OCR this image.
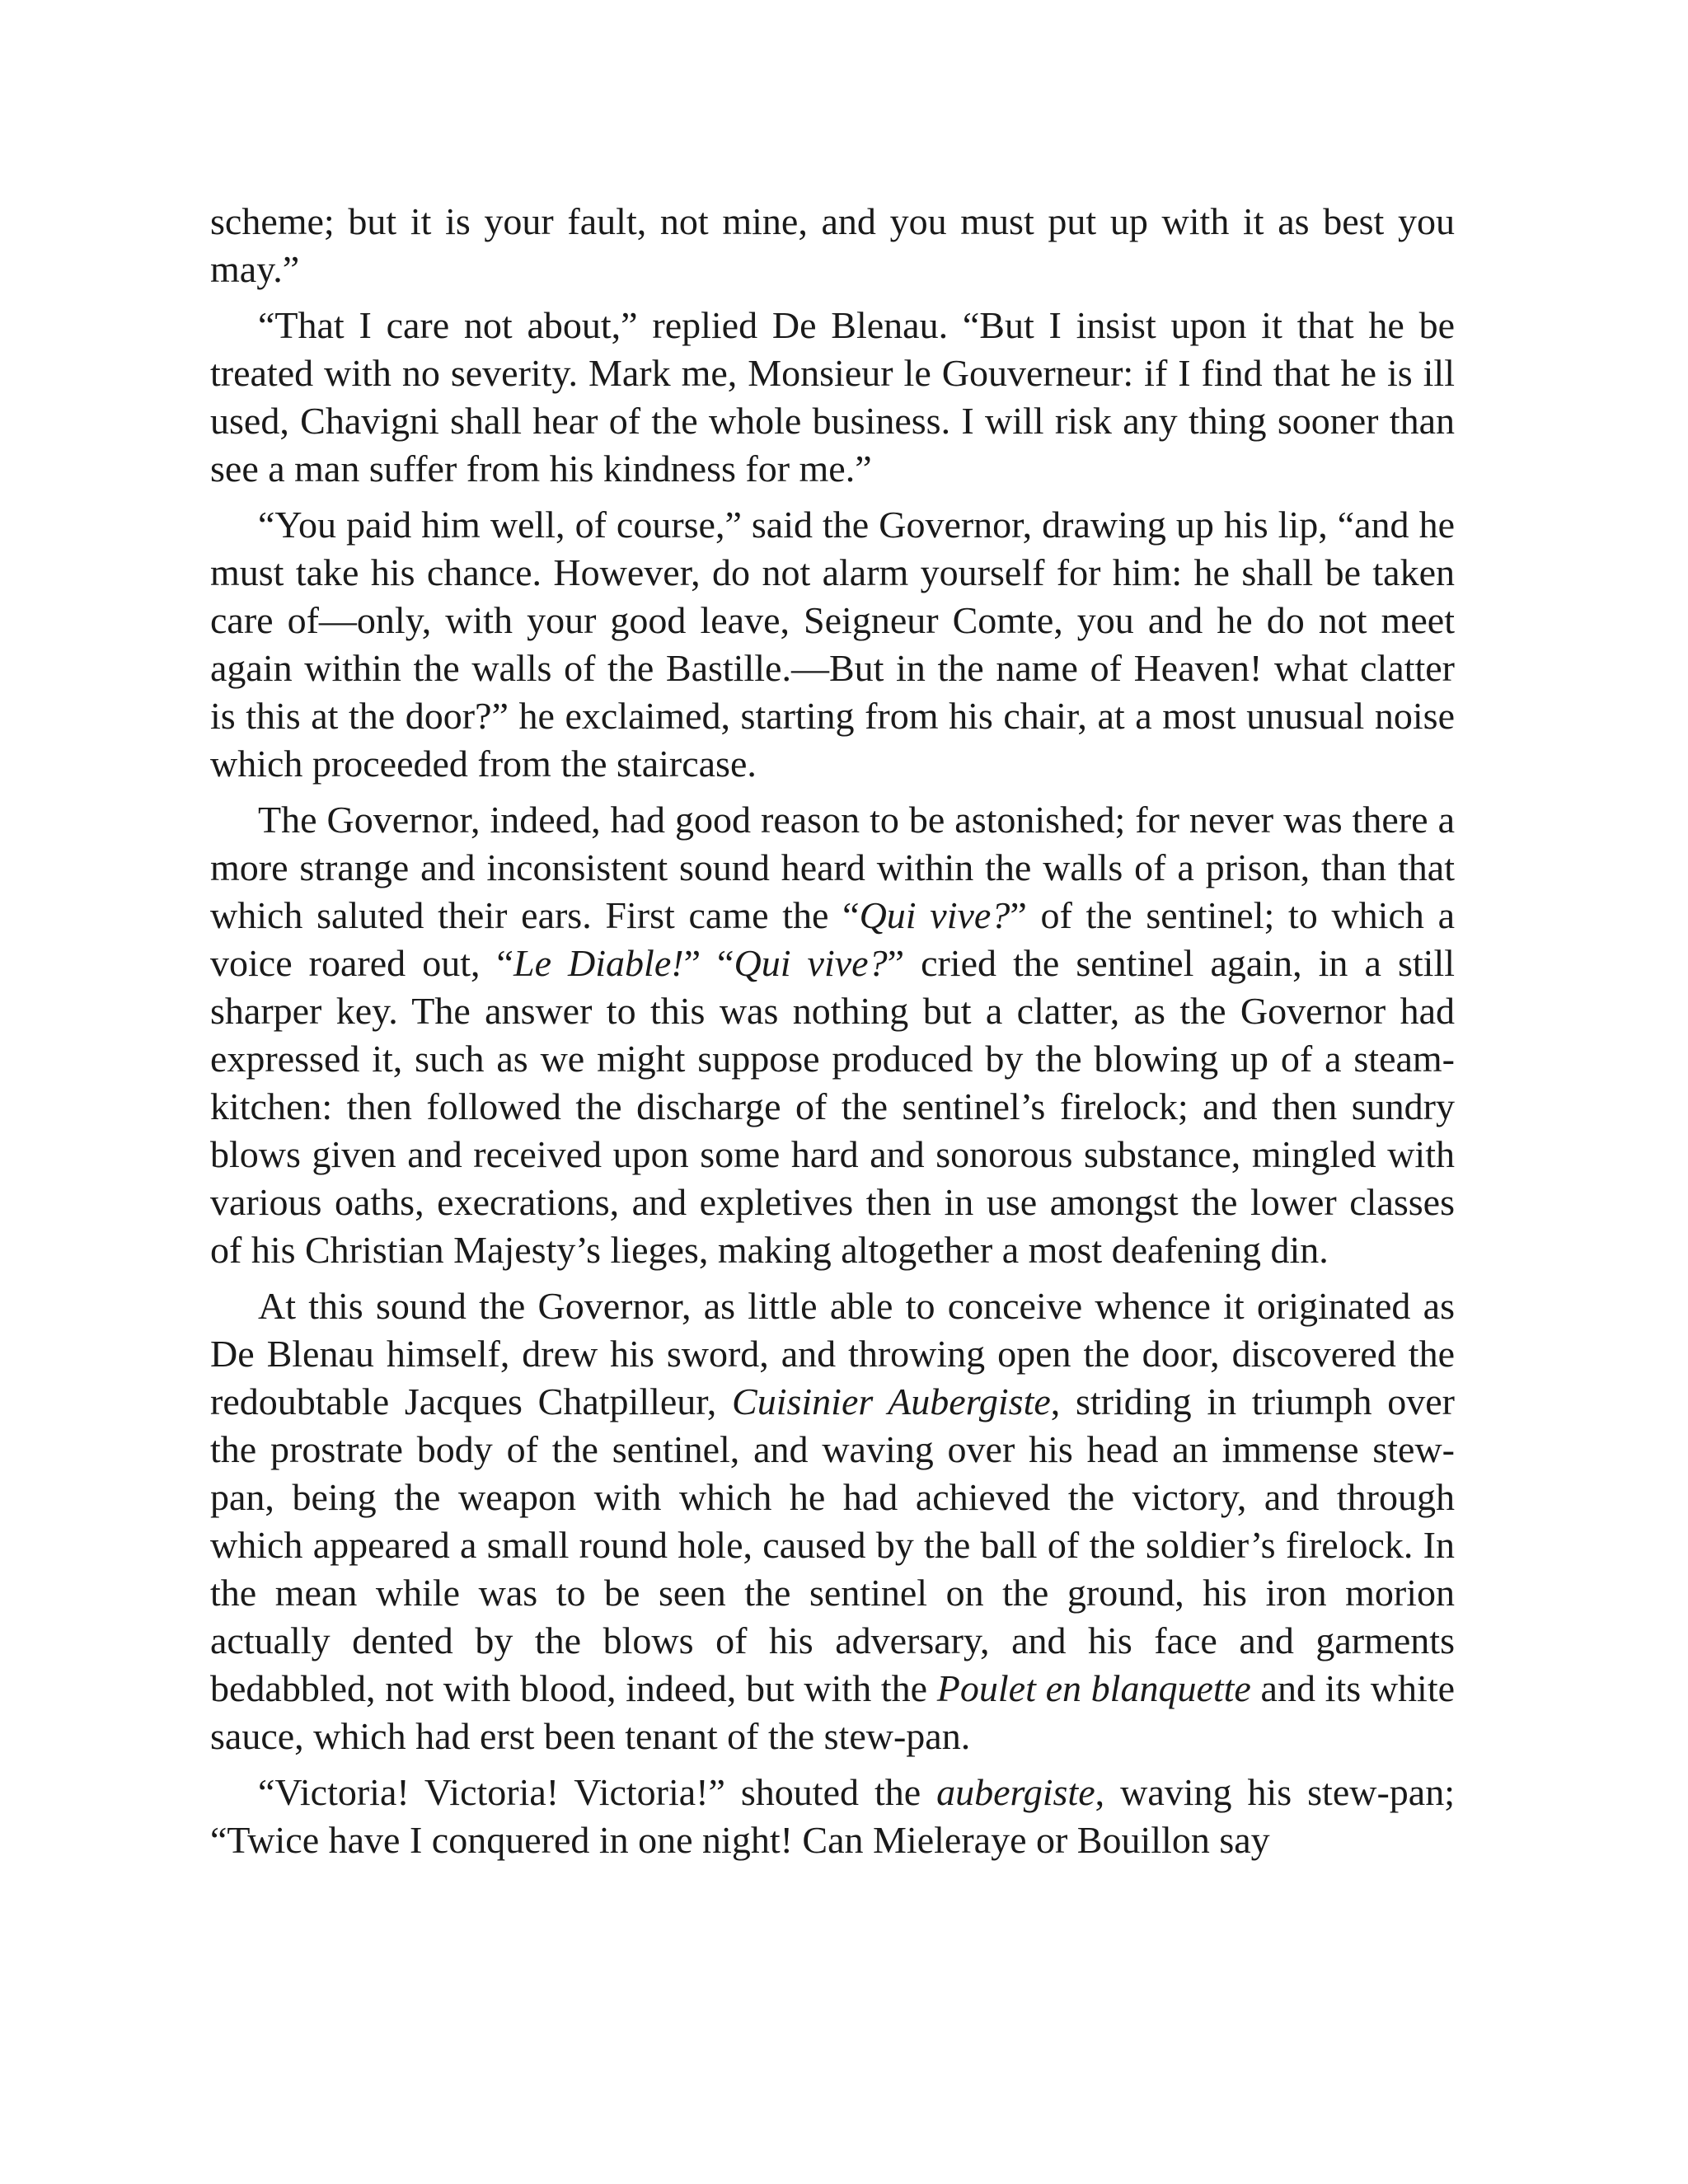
scheme; but it is your fault, not mine, and you must put up with it as best you may.”

“That I care not about,” replied De Blenau. “But I insist upon it that he be treated with no severity. Mark me, Monsieur le Gouverneur: if I find that he is ill used, Chavigni shall hear of the whole business. I will risk any thing sooner than see a man suffer from his kindness for me.”

“You paid him well, of course,” said the Governor, drawing up his lip, “and he must take his chance. However, do not alarm yourself for him: he shall be taken care of—only, with your good leave, Seigneur Comte, you and he do not meet again within the walls of the Bastille.—But in the name of Heaven! what clatter is this at the door?” he exclaimed, starting from his chair, at a most unusual noise which proceeded from the staircase.

The Governor, indeed, had good reason to be astonished; for never was there a more strange and inconsistent sound heard within the walls of a prison, than that which saluted their ears. First came the “Qui vive?” of the sentinel; to which a voice roared out, “Le Diable!” “Qui vive?” cried the sentinel again, in a still sharper key. The answer to this was nothing but a clatter, as the Governor had expressed it, such as we might suppose produced by the blowing up of a steam-kitchen: then followed the discharge of the sentinel’s firelock; and then sundry blows given and received upon some hard and sonorous substance, mingled with various oaths, execrations, and expletives then in use amongst the lower classes of his Christian Majesty’s lieges, making altogether a most deafening din.

At this sound the Governor, as little able to conceive whence it originated as De Blenau himself, drew his sword, and throwing open the door, discovered the redoubtable Jacques Chatpilleur, Cuisinier Aubergiste, striding in triumph over the prostrate body of the sentinel, and waving over his head an immense stew-pan, being the weapon with which he had achieved the victory, and through which appeared a small round hole, caused by the ball of the soldier’s firelock. In the mean while was to be seen the sentinel on the ground, his iron morion actually dented by the blows of his adversary, and his face and garments bedabbled, not with blood, indeed, but with the Poulet en blanquette and its white sauce, which had erst been tenant of the stew-pan.

“Victoria! Victoria! Victoria!” shouted the aubergiste, waving his stew-pan; “Twice have I conquered in one night! Can Mieleraye or Bouillon say
